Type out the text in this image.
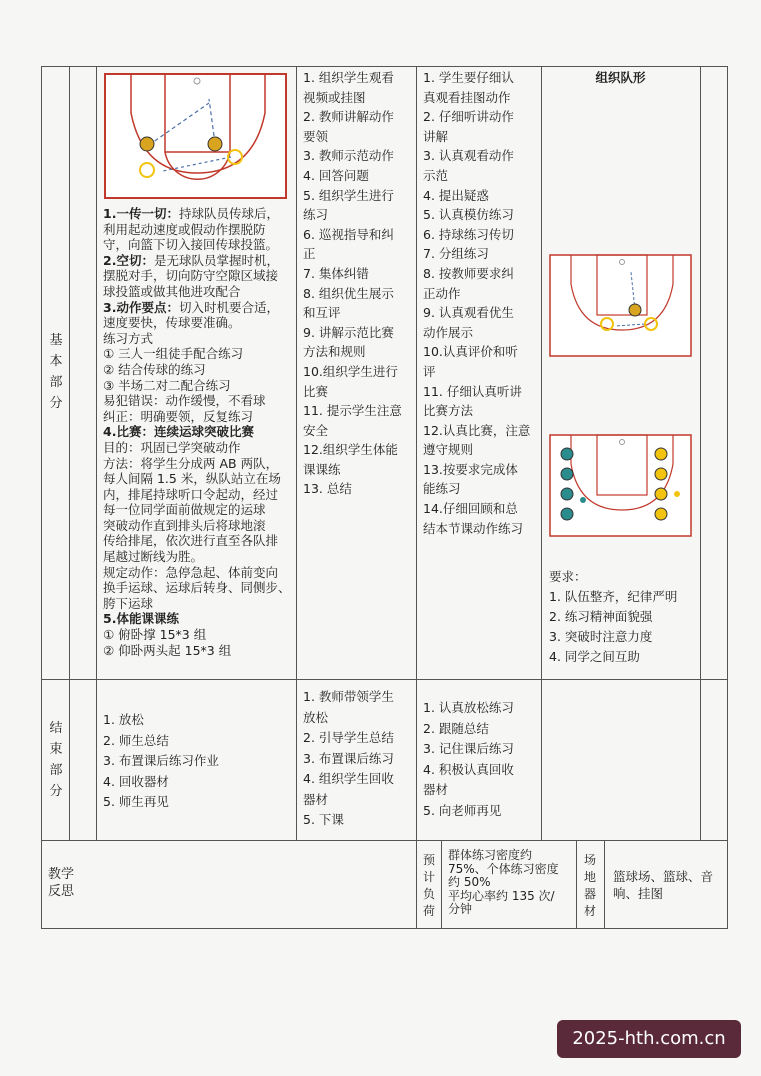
基本部分
结束部分
教学
反思
1.一传一切：持球队员传球后，
利用起动速度或假动作摆脱防
守，向篮下切入接回传球投篮。
2.空切：是无球队员掌握时机，
摆脱对手，切向防守空隙区域接
球投篮或做其他进攻配合
3.动作要点：切入时机要合适，
速度要快，传球要准确。
练习方式
① 三人一组徒手配合练习
② 结合传球的练习
③ 半场二对二配合练习
易犯错误：动作缓慢，不看球
纠正：明确要领，反复练习
4.比赛：连续运球突破比赛
目的：巩固已学突破动作
方法：将学生分成两 AB 两队，
每人间隔 1.5 米，纵队站立在场
内，排尾持球听口令起动，经过
每一位同学面前做规定的运球
突破动作直到排头后将球地滚
传给排尾，依次进行直至各队排
尾越过断线为胜。
规定动作：急停急起、体前变向
换手运球、运球后转身、同侧步、
胯下运球
5.体能课课练
① 俯卧撑 15*3 组
② 仰卧两头起 15*3 组
1. 组织学生观看
视频或挂图
2. 教师讲解动作
要领
3. 教师示范动作
4. 回答问题
5. 组织学生进行
练习
6. 巡视指导和纠
正
7. 集体纠错
8. 组织优生展示
和互评
9. 讲解示范比赛
方法和规则
10.组织学生进行
比赛
11. 提示学生注意
安全
12.组织学生体能
课课练
13. 总结
1. 学生要仔细认
真观看挂图动作
2. 仔细听讲动作
讲解
3. 认真观看动作
示范
4. 提出疑惑
5. 认真模仿练习
6. 持球练习传切
7. 分组练习
8. 按教师要求纠
正动作
9. 认真观看优生
动作展示
10.认真评价和听
评
11. 仔细认真听讲
比赛方法
12.认真比赛，注意
遵守规则
13.按要求完成体
能练习
14.仔细回顾和总
结本节课动作练习
组织队形
要求：
1. 队伍整齐，纪律严明
2. 练习精神面貌强
3. 突破时注意力度
4. 同学之间互助
1. 放松
2. 师生总结
3. 布置课后练习作业
4. 回收器材
5. 师生再见
1. 教师带领学生
放松
2. 引导学生总结
3. 布置课后练习
4. 组织学生回收
器材
5. 下课
1. 认真放松练习
2. 跟随总结
3. 记住课后练习
4. 积极认真回收
器材
5. 向老师再见
预
计
负
荷
群体练习密度约
75%、个体练习密度
约 50%
平均心率约 135 次/
分钟
场
地
器
材
篮球场、篮球、音
响、挂图
2025-hth.com.cn
